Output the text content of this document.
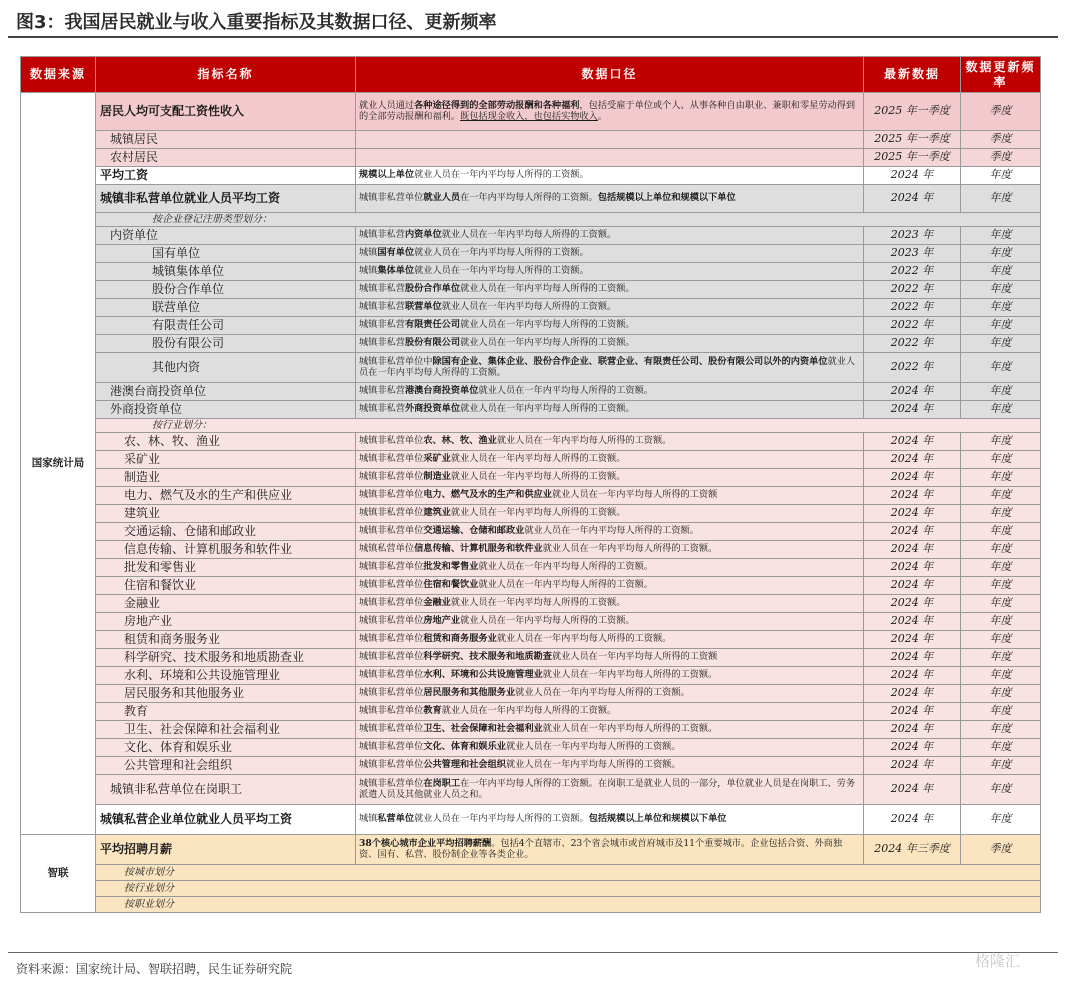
图3：我国居民就业与收入重要指标及其数据口径、更新频率
数据来源	指标名称	数据口径	最新数据	数据更新频率
国家统计局	居民人均可支配工资性收入	就业人员通过各种途径得到的全部劳动报酬和各种福利，包括受雇于单位或个人、从事各种自由职业、兼职和零星劳动得到的全部劳动报酬和福利。既包括现金收入，也包括实物收入。	2025 年一季度	季度
	城镇居民		2025 年一季度	季度
	农村居民		2025 年一季度	季度
	平均工资	规模以上单位就业人员在一年内平均每人所得的工资额。	2024 年	年度
	城镇非私营单位就业人员平均工资	城镇非私营单位就业人员在一年内平均每人所得的工资额。包括规模以上单位和规模以下单位	2024 年	年度
	按企业登记注册类型划分：			
	内资单位	城镇非私营内资单位就业人员在一年内平均每人所得的工资额。	2023 年	年度
	国有单位	城镇国有单位就业人员在一年内平均每人所得的工资额。	2023 年	年度
	城镇集体单位	城镇集体单位就业人员在一年内平均每人所得的工资额。	2022 年	年度
	股份合作单位	城镇非私营股份合作单位就业人员在一年内平均每人所得的工资额。	2022 年	年度
	联营单位	城镇非私营联营单位就业人员在一年内平均每人所得的工资额。	2022 年	年度
	有限责任公司	城镇非私营有限责任公司就业人员在一年内平均每人所得的工资额。	2022 年	年度
	股份有限公司	城镇非私营股份有限公司就业人员在一年内平均每人所得的工资额。	2022 年	年度
	其他内资	城镇非私营单位中除国有企业、集体企业、股份合作企业、联营企业、有限责任公司、股份有限公司以外的内资单位就业人员在一年内平均每人所得的工资额。	2022 年	年度
	港澳台商投资单位	城镇非私营港澳台商投资单位就业人员在一年内平均每人所得的工资额。	2024 年	年度
	外商投资单位	城镇非私营外商投资单位就业人员在一年内平均每人所得的工资额。	2024 年	年度
	按行业划分：			
	农、林、牧、渔业	城镇非私营单位农、林、牧、渔业就业人员在一年内平均每人所得的工资额。	2024 年	年度
	采矿业	城镇非私营单位采矿业就业人员在一年内平均每人所得的工资额。	2024 年	年度
	制造业	城镇非私营单位制造业就业人员在一年内平均每人所得的工资额。	2024 年	年度
	电力、燃气及水的生产和供应业	城镇非私营单位电力、燃气及水的生产和供应业就业人员在一年内平均每人所得的工资额	2024 年	年度
	建筑业	城镇非私营单位建筑业就业人员在一年内平均每人所得的工资额。	2024 年	年度
	交通运输、仓储和邮政业	城镇非私营单位交通运输、仓储和邮政业就业人员在一年内平均每人所得的工资额。	2024 年	年度
	信息传输、计算机服务和软件业	城镇私营单位信息传输、计算机服务和软件业就业人员在一年内平均每人所得的工资额。	2024 年	年度
	批发和零售业	城镇非私营单位批发和零售业就业人员在一年内平均每人所得的工资额。	2024 年	年度
	住宿和餐饮业	城镇非私营单位住宿和餐饮业就业人员在一年内平均每人所得的工资额。	2024 年	年度
	金融业	城镇非私营单位金融业就业人员在一年内平均每人所得的工资额。	2024 年	年度
	房地产业	城镇非私营单位房地产业就业人员在一年内平均每人所得的工资额。	2024 年	年度
	租赁和商务服务业	城镇非私营单位租赁和商务服务业就业人员在一年内平均每人所得的工资额。	2024 年	年度
	科学研究、技术服务和地质勘查业	城镇非私营单位科学研究、技术服务和地质勘查就业人员在一年内平均每人所得的工资额	2024 年	年度
	水利、环境和公共设施管理业	城镇非私营单位水利、环境和公共设施管理业就业人员在一年内平均每人所得的工资额。	2024 年	年度
	居民服务和其他服务业	城镇非私营单位居民服务和其他服务业就业人员在一年内平均每人所得的工资额。	2024 年	年度
	教育	城镇非私营单位教育就业人员在一年内平均每人所得的工资额。	2024 年	年度
	卫生、社会保障和社会福利业	城镇非私营单位卫生、社会保障和社会福利业就业人员在一年内平均每人所得的工资额。	2024 年	年度
	文化、体育和娱乐业	城镇非私营单位文化、体育和娱乐业就业人员在一年内平均每人所得的工资额。	2024 年	年度
	公共管理和社会组织	城镇非私营单位公共管理和社会组织就业人员在一年内平均每人所得的工资额。	2024 年	年度
	城镇非私营单位在岗职工	城镇非私营单位在岗职工在一年内平均每人所得的工资额。在岗职工是就业人员的一部分，单位就业人员是在岗职工、劳务派遣人员及其他就业人员之和。	2024 年	年度
	城镇私营企业单位就业人员平均工资	城镇私营单位就业人员在一年内平均每人所得的工资额。包括规模以上单位和规模以下单位	2024 年	年度
智联	平均招聘月薪	38个核心城市企业平均招聘薪酬。包括4个直辖市、23个省会城市或首府城市及11个重要城市。企业包括合资、外商独资、国有、私营、股份制企业等各类企业。	2024 年三季度	季度
	按城市划分			
	按行业划分			
	按职业划分			
资料来源：国家统计局、智联招聘，民生证券研究院	格隆汇
